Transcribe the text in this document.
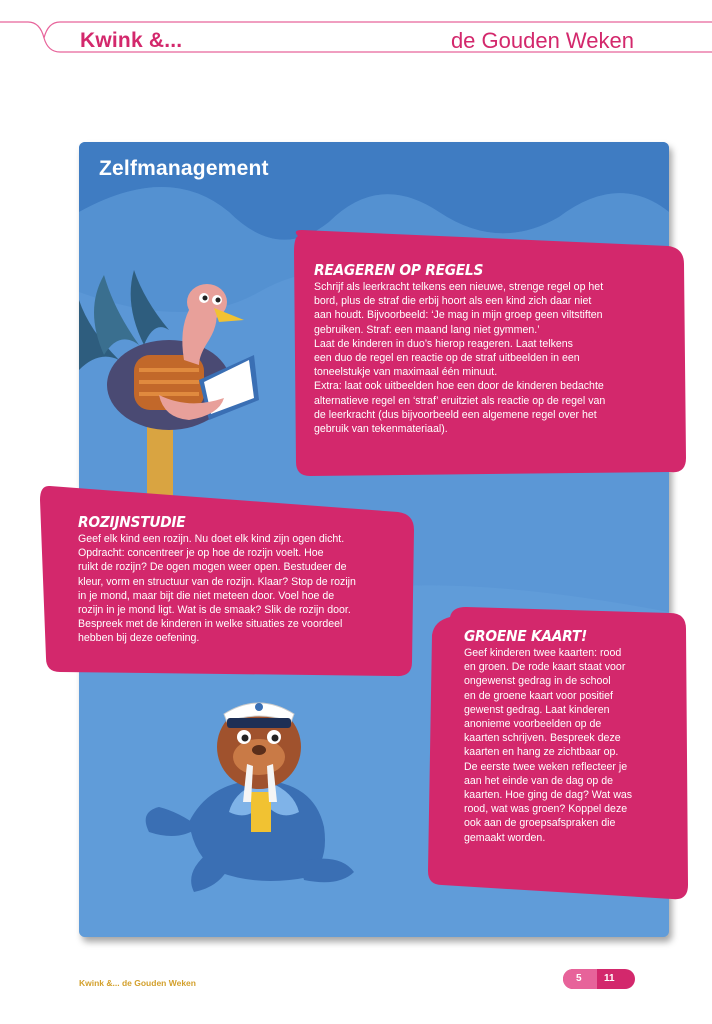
Kwink &...	de Gouden Weken
Zelfmanagement
REAGEREN OP REGELS

Schrijf als leerkracht telkens een nieuwe, strenge regel op het
bord, plus de straf die erbij hoort als een kind zich daar niet
aan houdt. Bijvoorbeeld: ‘Je mag in mijn groep geen viltstiften
gebruiken. Straf: een maand lang niet gymmen.’
Laat de kinderen in duo’s hierop reageren. Laat telkens
een duo de regel en reactie op de straf uitbeelden in een
toneelstukje van maximaal één minuut.
Extra: laat ook uitbeelden hoe een door de kinderen bedachte
alternatieve regel en ‘straf’ eruitziet als reactie op de regel van
de leerkracht (dus bijvoorbeeld een algemene regel over het
gebruik van tekenmateriaal).

ROZIJNSTUDIE

Geef elk kind een rozijn. Nu doet elk kind zijn ogen dicht.
Opdracht: concentreer je op hoe de rozijn voelt. Hoe
ruikt de rozijn? De ogen mogen weer open. Bestudeer de
kleur, vorm en structuur van de rozijn. Klaar? Stop de rozijn
in je mond, maar bijt die niet meteen door. Voel hoe de
rozijn in je mond ligt. Wat is de smaak? Slik de rozijn door.
Bespreek met de kinderen in welke situaties ze voordeel
hebben bij deze oefening.	GROENE KAART!

Geef kinderen twee kaarten: rood
en groen. De rode kaart staat voor
ongewenst gedrag in de school
en de groene kaart voor positief
gewenst gedrag. Laat kinderen
anonieme voorbeelden op de
kaarten schrijven. Bespreek deze
kaarten en hang ze zichtbaar op.
De eerste twee weken reflecteer je
aan het einde van de dag op de
kaarten. Hoe ging de dag? Wat was
rood, wat was groen? Koppel deze
ook aan de groepsafspraken die
gemaakt worden.

Kwink &... de Gouden Weken	5 11
